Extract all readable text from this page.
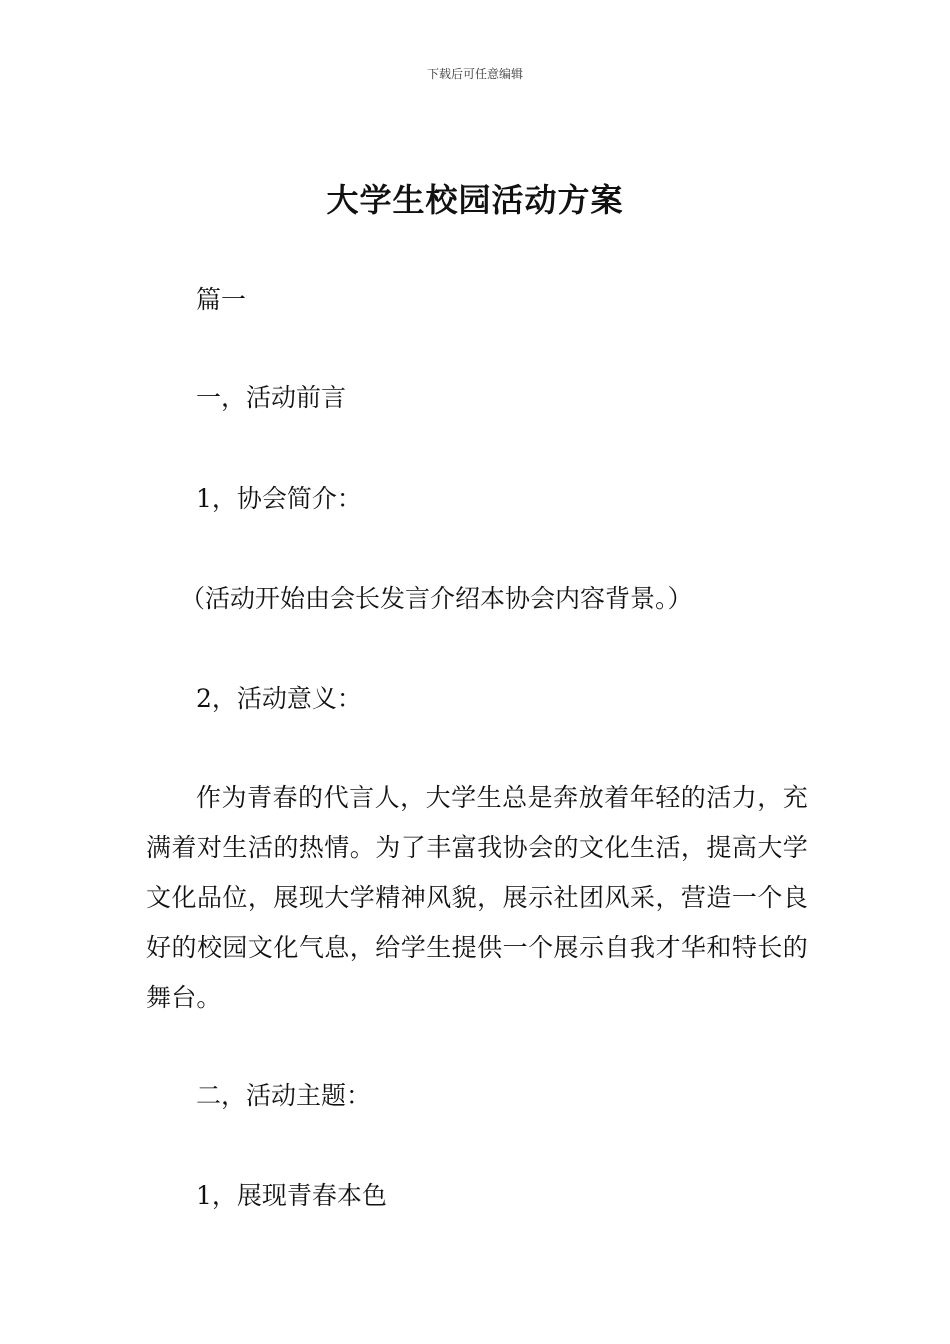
下载后可任意编辑
大学生校园活动方案

篇一

一，活动前言

1，协会简介：

（活动开始由会长发言介绍本协会内容背景。）

2，活动意义：

作为青春的代言人，大学生总是奔放着年轻的活力，充满着对生活的热情。为了丰富我协会的文化生活，提高大学文化品位，展现大学精神风貌，展示社团风采，营造一个良好的校园文化气息，给学生提供一个展示自我才华和特长的舞台。

二，活动主题：

1，展现青春本色
